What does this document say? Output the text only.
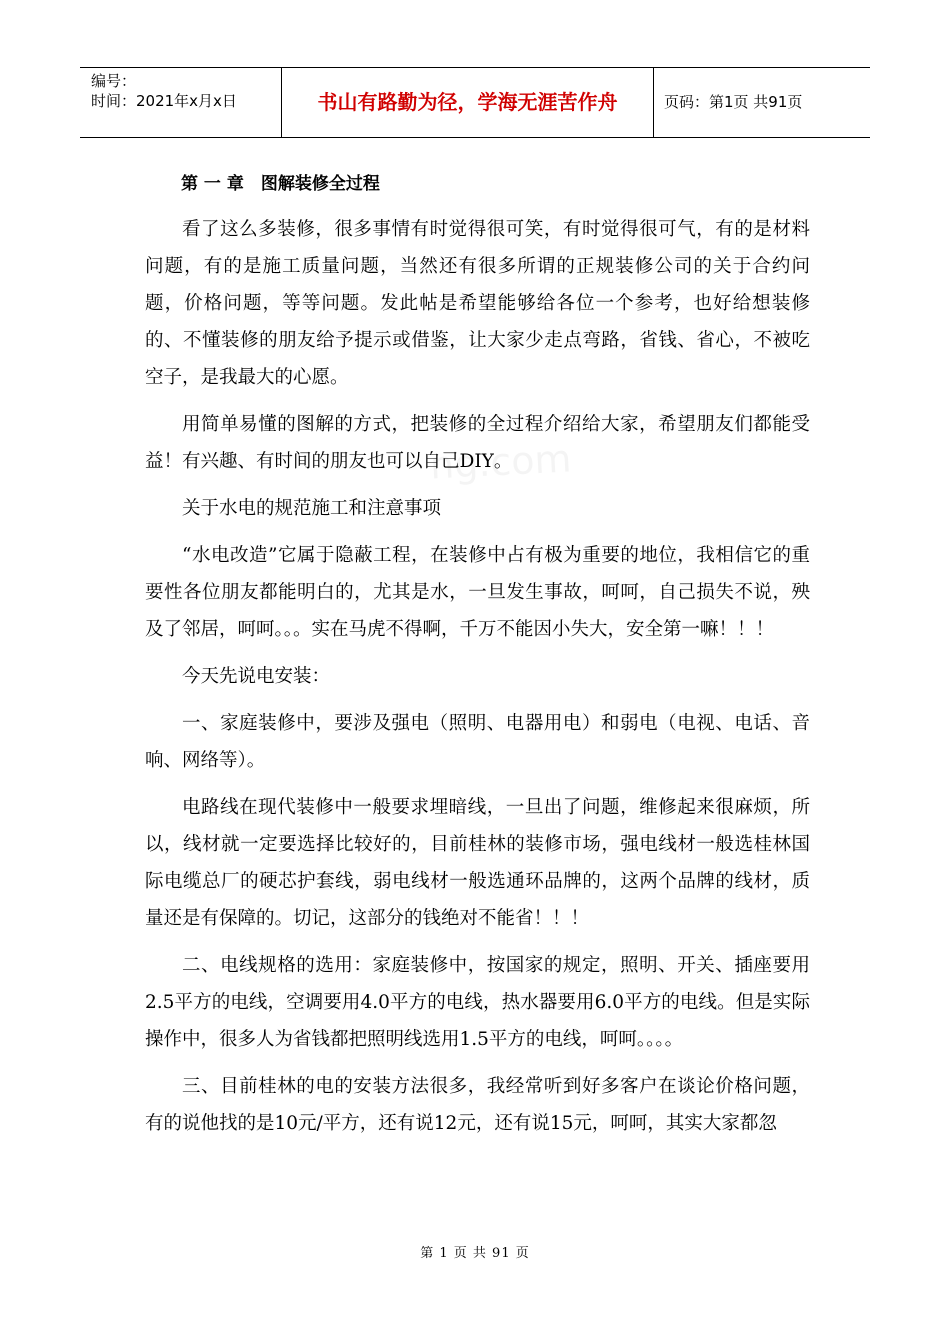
编号：
时间：2021年x月x日	书山有路勤为径，学海无涯苦作舟	页码：第1页 共91页
第 一 章　图解装修全过程

看了这么多装修，很多事情有时觉得很可笑，有时觉得很可气，有的是材料问题，有的是施工质量问题，当然还有很多所谓的正规装修公司的关于合约问题，价格问题，等等问题。发此帖是希望能够给各位一个参考，也好给想装修的、不懂装修的朋友给予提示或借鉴，让大家少走点弯路，省钱、省心，不被吃空子，是我最大的心愿。

用简单易懂的图解的方式，把装修的全过程介绍给大家，希望朋友们都能受益！有兴趣、有时间的朋友也可以自己DIY。

关于水电的规范施工和注意事项

“水电改造”它属于隐蔽工程，在装修中占有极为重要的地位，我相信它的重要性各位朋友都能明白的，尤其是水，一旦发生事故，呵呵，自己损失不说，殃及了邻居，呵呵。。。实在马虎不得啊，千万不能因小失大，安全第一嘛！！！

今天先说电安装：

一、家庭装修中，要涉及强电（照明、电器用电）和弱电（电视、电话、音响、网络等）。

电路线在现代装修中一般要求埋暗线，一旦出了问题，维修起来很麻烦，所以，线材就一定要选择比较好的，目前桂林的装修市场，强电线材一般选桂林国际电缆总厂的硬芯护套线，弱电线材一般选通环品牌的，这两个品牌的线材，质量还是有保障的。切记，这部分的钱绝对不能省！！！

二、电线规格的选用：家庭装修中，按国家的规定，照明、开关、插座要用2.5平方的电线，空调要用4.0平方的电线，热水器要用6.0平方的电线。但是实际操作中，很多人为省钱都把照明线选用1.5平方的电线，呵呵。。。。

三、目前桂林的电的安装方法很多，我经常听到好多客户在谈论价格问题，有的说他找的是10元/平方，还有说12元，还有说15元，呵呵，其实大家都忽

第 1 页 共 91 页
